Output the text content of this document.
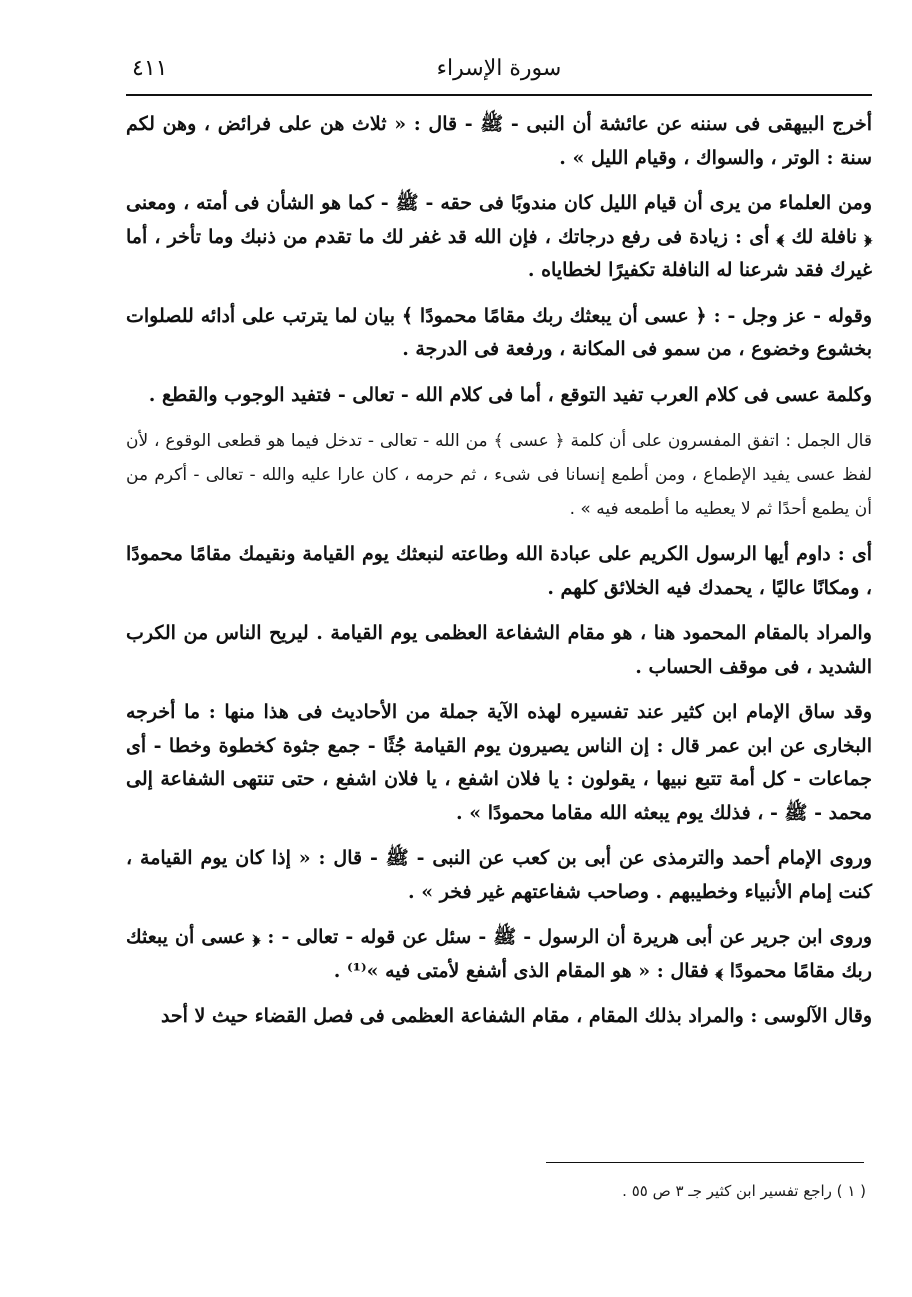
سورة الإسراء
٤١١

أخرج البيهقى فى سننه عن عائشة أن النبى - ﷺ - قال : « ثلاث هن على فرائض ، وهن لكم سنة : الوتر ، والسواك ، وقيام الليل » .

ومن العلماء من يرى أن قيام الليل كان مندوبًا فى حقه - ﷺ - كما هو الشأن فى أمته ، ومعنى ﴿ نافلة لك ﴾ أى : زيادة فى رفع درجاتك ، فإن الله قد غفر لك ما تقدم من ذنبك وما تأخر ، أما غيرك فقد شرعنا له النافلة تكفيرًا لخطاياه .

وقوله - عز وجل - : ﴿ عسى أن يبعثك ربك مقامًا محمودًا ﴾ بيان لما يترتب على أدائه للصلوات بخشوع وخضوع ، من سمو فى المكانة ، ورفعة فى الدرجة .

وكلمة عسى فى كلام العرب تفيد التوقع ، أما فى كلام الله - تعالى - فتفيد الوجوب والقطع .

قال الجمل : اتفق المفسرون على أن كلمة ﴿ عسى ﴾ من الله - تعالى - تدخل فيما هو قطعى الوقوع ، لأن لفظ عسى يفيد الإطماع ، ومن أطمع إنسانا فى شىء ، ثم حرمه ، كان عارا عليه والله - تعالى - أكرم من أن يطمع أحدًا ثم لا يعطيه ما أطمعه فيه » .

أى : داوم أيها الرسول الكريم على عبادة الله وطاعته لنبعثك يوم القيامة ونقيمك مقامًا محمودًا ، ومكانًا عاليًا ، يحمدك فيه الخلائق كلهم .

والمراد بالمقام المحمود هنا ، هو مقام الشفاعة العظمى يوم القيامة . ليريح الناس من الكرب الشديد ، فى موقف الحساب .

وقد ساق الإمام ابن كثير عند تفسيره لهذه الآية جملة من الأحاديث فى هذا منها : ما أخرجه البخارى عن ابن عمر قال : إن الناس يصيرون يوم القيامة جُثًا - جمع جثوة كخطوة وخطا - أى جماعات - كل أمة تتبع نبيها ، يقولون : يا فلان اشفع ، يا فلان اشفع ، حتى تنتهى الشفاعة إلى محمد - ﷺ - ، فذلك يوم يبعثه الله مقاما محمودًا » .

وروى الإمام أحمد والترمذى عن أبى بن كعب عن النبى - ﷺ - قال : « إذا كان يوم القيامة ، كنت إمام الأنبياء وخطيبهم . وصاحب شفاعتهم غير فخر » .

وروى ابن جرير عن أبى هريرة أن الرسول - ﷺ - سئل عن قوله - تعالى - : ﴿ عسى أن يبعثك ربك مقامًا محمودًا ﴾ فقال : « هو المقام الذى أشفع لأمتى فيه »⁽¹⁾ .

وقال الآلوسى : والمراد بذلك المقام ، مقام الشفاعة العظمى فى فصل القضاء حيث لا أحد

( ١ ) راجع تفسير ابن كثير جـ ٣ ص ٥٥ .
